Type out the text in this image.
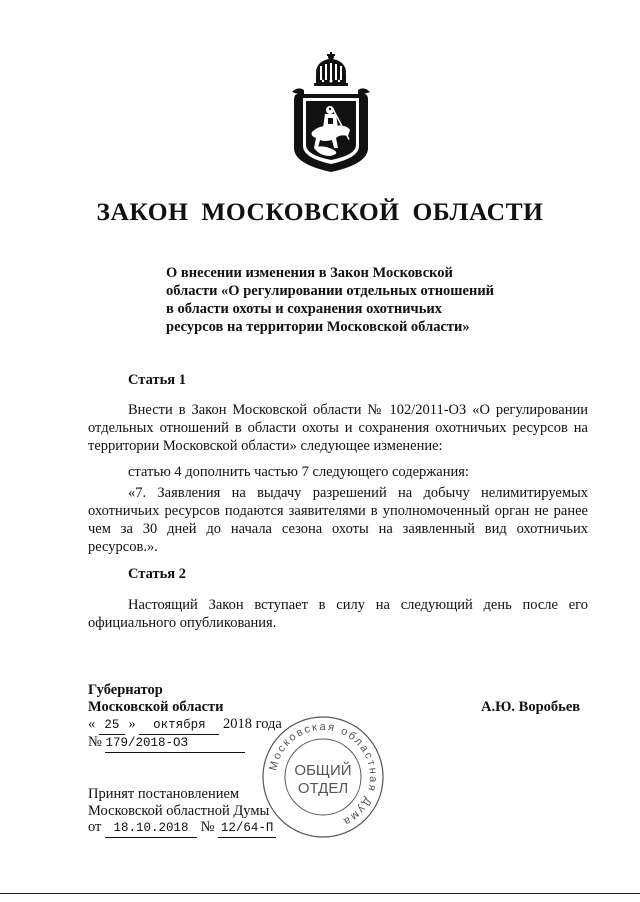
ЗАКОН МОСКОВСКОЙ ОБЛАСТИ
О внесении изменения в Закон Московской
области «О регулировании отдельных отношений
в области охоты и сохранения охотничьих
ресурсов на территории Московской области»
Статья 1
Внести в Закон Московской области № 102/2011-ОЗ «О регулировании отдельных отношений в области охоты и сохранения охотничьих ресурсов на территории Московской области» следующее изменение:
статью 4 дополнить частью 7 следующего содержания:
«7. Заявления на выдачу разрешений на добычу нелимитируемых охотничьих ресурсов подаются заявителями в уполномоченный орган не ранее чем за 30 дней до начала сезона охоты на заявленный вид охотничьих ресурсов.».
Статья 2
Настоящий Закон вступает в силу на следующий день после его официального опубликования.
Губернатор
Московской области	А.Ю. Воробьев
« 25 » октября 2018 года
№ 179/2018-ОЗ
Принят постановлением
Московской областной Думы
от 18.10.2018 № 12/64-П
Московская областная Дума
ОБЩИЙ
ОТДЕЛ
